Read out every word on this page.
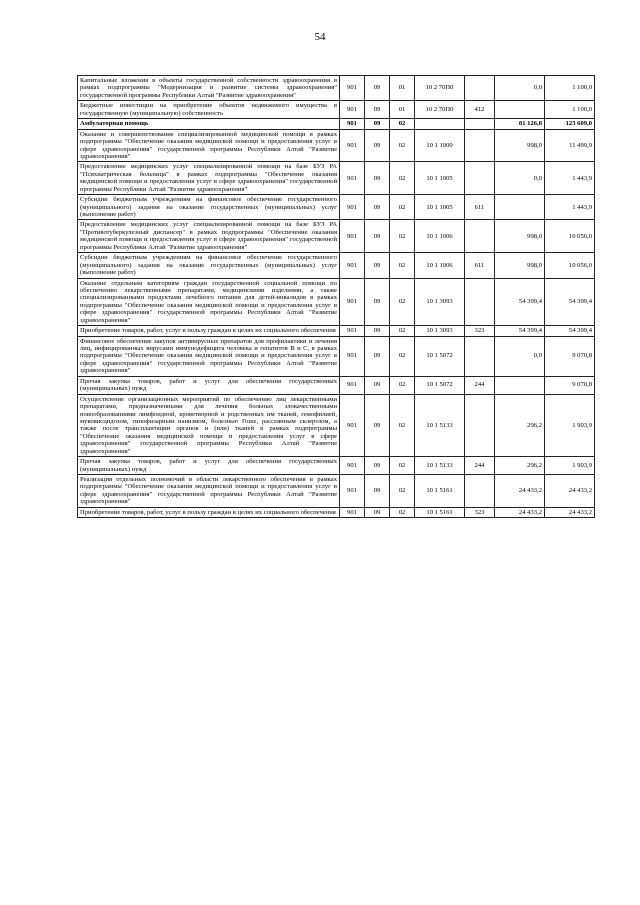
54
Капитальные вложения в объекты государственной собственности здравоохранения в рамках подпрограммы "Модернизация и развитие системы здравоохранения" государственной программы Республики Алтай "Развитие здравоохранения"	901	09	01	10 2 70П0		0,0	1 100,0
Бюджетные инвестиции на приобретение объектов недвижимого имущества в государственную (муниципальную) собственность	901	09	01	10 2 70П0	412		1 100,0
Амбулаторная помощь	901	09	02			81 126,8	123 609,0
Оказание и совершенствование специализированной медицинской помощи в рамках подпрограммы "Обеспечение оказания медицинской помощи и предоставления услуг в сфере здравоохранения" государственной программы Республики Алтай "Развитие здравоохранения"	901	09	02	10 1 1000		998,0	11 499,9
Предоставление медицинских услуг специализированной помощи на базе БУЗ РА "Психиатрическая больница" в рамках подпрограммы "Обеспечение оказания медицинской помощи и предоставления услуг в сфере здравоохранения" государственной программы Республики Алтай "Развитие здравоохранения"	901	09	02	10 1 1005		0,0	1 443,9
Субсидии бюджетным учреждениям на финансовое обеспечение государственного (муниципального) задания на оказание государственных (муниципальных) услуг (выполнение работ)	901	09	02	10 1 1005	611		1 443,9
Предоставление медицинских услуг специализированной помощи на базе БУЗ РА "Противотуберкулезный диспансер" в рамках подпрограммы "Обеспечение оказания медицинской помощи и предоставления услуг в сфере здравоохранения" государственной программы Республики Алтай "Развитие здравоохранения"	901	09	02	10 1 1006		998,0	10 056,0
Субсидии бюджетным учреждениям на финансовое обеспечение государственного (муниципального) задания на оказание государственных (муниципальных) услуг (выполнение работ)	901	09	02	10 1 1006	611	998,0	10 056,0
Оказание отдельным категориям граждан государственной социальной помощи по обеспечению лекарственными препаратами, медицинскими изделиями, а также специализированными продуктами лечебного питания для детей-инвалидов в рамках подпрограммы "Обеспечение оказания медицинской помощи и предоставления услуг в сфере здравоохранения" государственной программы Республики Алтай "Развитие здравоохранения"	901	09	02	10 1 3093		54 399,4	54 399,4
Приобретение товаров, работ, услуг в пользу граждан в целях их социального обеспечения	901	09	02	10 1 3093	323	54 399,4	54 399,4
Финансовое обеспечение закупок антивирусных препаратов для профилактики и лечения лиц, инфицированных вирусами иммунодефицита человека и гепатитов В и С, в рамках подпрограммы "Обеспечение оказания медицинской помощи и предоставления услуг в сфере здравоохранения" государственной программы Республики Алтай "Развитие здравоохранения"	901	09	02	10 1 5072		0,0	9 070,8
Прочая закупка товаров, работ и услуг для обеспечения государственных (муниципальных) нужд	901	09	02	10 1 5072	244		9 070,8
Осуществление организационных мероприятий по обеспечению лиц лекарственными препаратами, предназначенными для лечения больных злокачественными новообразованиями лимфоидной, кроветворной и родственных им тканей, гемофилией, муковисцидозом, гипофизарным нанизмом, болезнью Гоше, рассеянным склерозом, а также после трансплантации органов и (или) тканей в рамках подпрограммы "Обеспечение оказания медицинской помощи и предоставления услуг в сфере здравоохранения" государственной программы Республики Алтай "Развитие здравоохранения"	901	09	02	10 1 5133		296,2	1 903,9
Прочая закупка товаров, работ и услуг для обеспечения государственных (муниципальных) нужд	901	09	02	10 1 5133	244	296,2	1 903,9
Реализация отдельных полномочий в области лекарственного обеспечения в рамках подпрограммы "Обеспечение оказания медицинской помощи и предоставления услуг в сфере здравоохранения" государственной программы Республики Алтай "Развитие здравоохранения"	901	09	02	10 1 5161		24 433,2	24 433,2
Приобретение товаров, работ, услуг в пользу граждан в целях их социального обеспечения	901	09	02	10 1 5161	323	24 433,2	24 433,2
